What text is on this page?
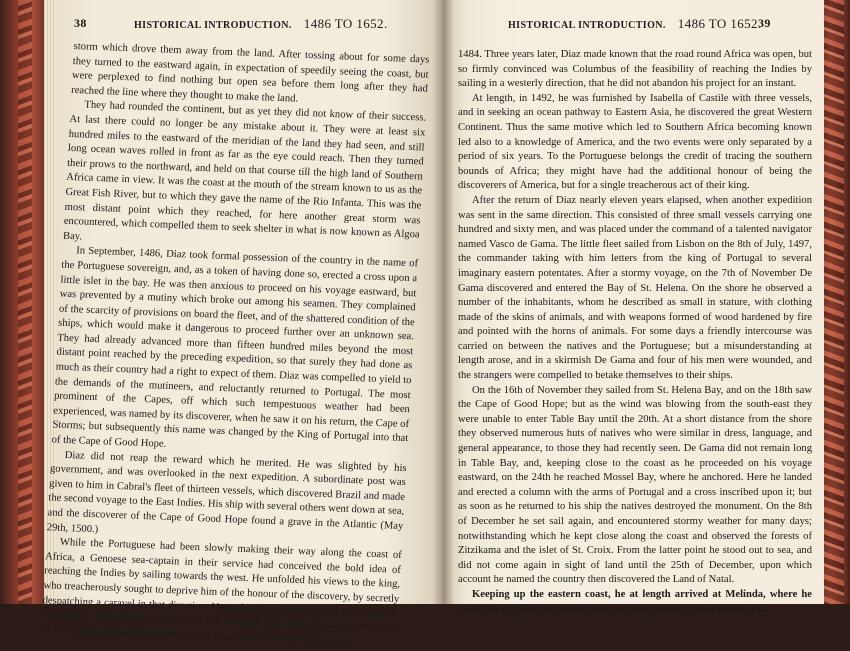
38	HISTORICAL INTRODUCTION. 1486 TO 1652.

storm which drove them away from the land. After tossing about for some days they turned to the eastward again, in expectation of speedily seeing the coast, but were perplexed to find nothing but open sea before them long after they had reached the line where they thought to make the land.

They had rounded the continent, but as yet they did not know of their success. At last there could no longer be any mistake about it. They were at least six hundred miles to the eastward of the meridian of the land they had seen, and still long ocean waves rolled in front as far as the eye could reach. Then they turned their prows to the northward, and held on that course till the high land of Southern Africa came in view. It was the coast at the mouth of the stream known to us as the Great Fish River, but to which they gave the name of the Rio Infanta. This was the most distant point which they reached, for here another great storm was encountered, which compelled them to seek shelter in what is now known as Algoa Bay.

In September, 1486, Diaz took formal possession of the country in the name of the Portuguese sovereign, and, as a token of having done so, erected a cross upon a little islet in the bay. He was then anxious to proceed on his voyage eastward, but was prevented by a mutiny which broke out among his seamen. They complained of the scarcity of provisions on board the fleet, and of the shattered condition of the ships, which would make it dangerous to proceed further over an unknown sea. They had already advanced more than fifteen hundred miles beyond the most distant point reached by the preceding expedition, so that surely they had done as much as their country had a right to expect of them. Diaz was compelled to yield to the demands of the mutineers, and reluctantly returned to Portugal. The most prominent of the Capes, off which such tempestuous weather had been experienced, was named by its discoverer, when he saw it on his return, the Cape of Storms; but subsequently this name was changed by the King of Portugal into that of the Cape of Good Hope.

Diaz did not reap the reward which he merited. He was slighted by his government, and was overlooked in the next expedition. A subordinate post was given to him in Cabral's fleet of thirteen vessels, which discovered Brazil and made the second voyage to the East Indies. His ship with several others went down at sea, and the discoverer of the Cape of Good Hope found a grave in the Atlantic (May 29th, 1500.)

While the Portuguese had been slowly making their way along the coast of Africa, a Genoese sea-captain in their service had conceived the bold idea of reaching the Indies by sailing towards the west. He unfolded his views to the king, who treacherously sought to deprive him of the honour of the discovery, by secretly despatching a caravel in that direction. Upon the return of this vessel unsuccessful, Christopher Columbus in indignation left Portugal, and made his way to the court of Ferdinand and Isabella, sovereigns of Aragon and Castile. This was in

HISTORICAL INTRODUCTION. 1486 TO 1652.
39

1484. Three years later, Diaz made known that the road round Africa was open, but so firmly convinced was Columbus of the feasibility of reaching the Indies by sailing in a westerly direction, that he did not abandon his project for an instant.

At length, in 1492, he was furnished by Isabella of Castile with three vessels, and in seeking an ocean pathway to Eastern Asia, he discovered the great Western Continent. Thus the same motive which led to Southern Africa becoming known led also to a knowledge of America, and the two events were only separated by a period of six years. To the Portuguese belongs the credit of tracing the southern bounds of Africa; they might have had the additional honour of being the discoverers of America, but for a single treacherous act of their king.

After the return of Diaz nearly eleven years elapsed, when another expedition was sent in the same direction. This consisted of three small vessels carrying one hundred and sixty men, and was placed under the command of a talented navigator named Vasco de Gama. The little fleet sailed from Lisbon on the 8th of July, 1497, the commander taking with him letters from the king of Portugal to several imaginary eastern potentates. After a stormy voyage, on the 7th of November De Gama discovered and entered the Bay of St. Helena. On the shore he observed a number of the inhabitants, whom he described as small in stature, with clothing made of the skins of animals, and with weapons formed of wood hardened by fire and pointed with the horns of animals. For some days a friendly intercourse was carried on between the natives and the Portuguese; but a misunderstanding at length arose, and in a skirmish De Gama and four of his men were wounded, and the strangers were compelled to betake themselves to their ships.

On the 16th of November they sailed from St. Helena Bay, and on the 18th saw the Cape of Good Hope; but as the wind was blowing from the south-east they were unable to enter Table Bay until the 20th. At a short distance from the shore they observed numerous huts of natives who were similar in dress, language, and general appearance, to those they had recently seen. De Gama did not remain long in Table Bay, and, keeping close to the coast as he proceeded on his voyage eastward, on the 24th he reached Mossel Bay, where he anchored. Here he landed and erected a column with the arms of Portugal and a cross inscribed upon it; but as soon as he returned to his ship the natives destroyed the monument. On the 8th of December he set sail again, and encountered stormy weather for many days; notwithstanding which he kept close along the coast and observed the forests of Zitzikama and the islet of St. Croix. From the latter point he stood out to sea, and did not come again in sight of land until the 25th of December, upon which account he named the country then discovered the Land of Natal.

Keeping up the eastern coast, he at length arrived at Melinda, where he found Arab pilots acquainted with the navigation of the eastern seas.
